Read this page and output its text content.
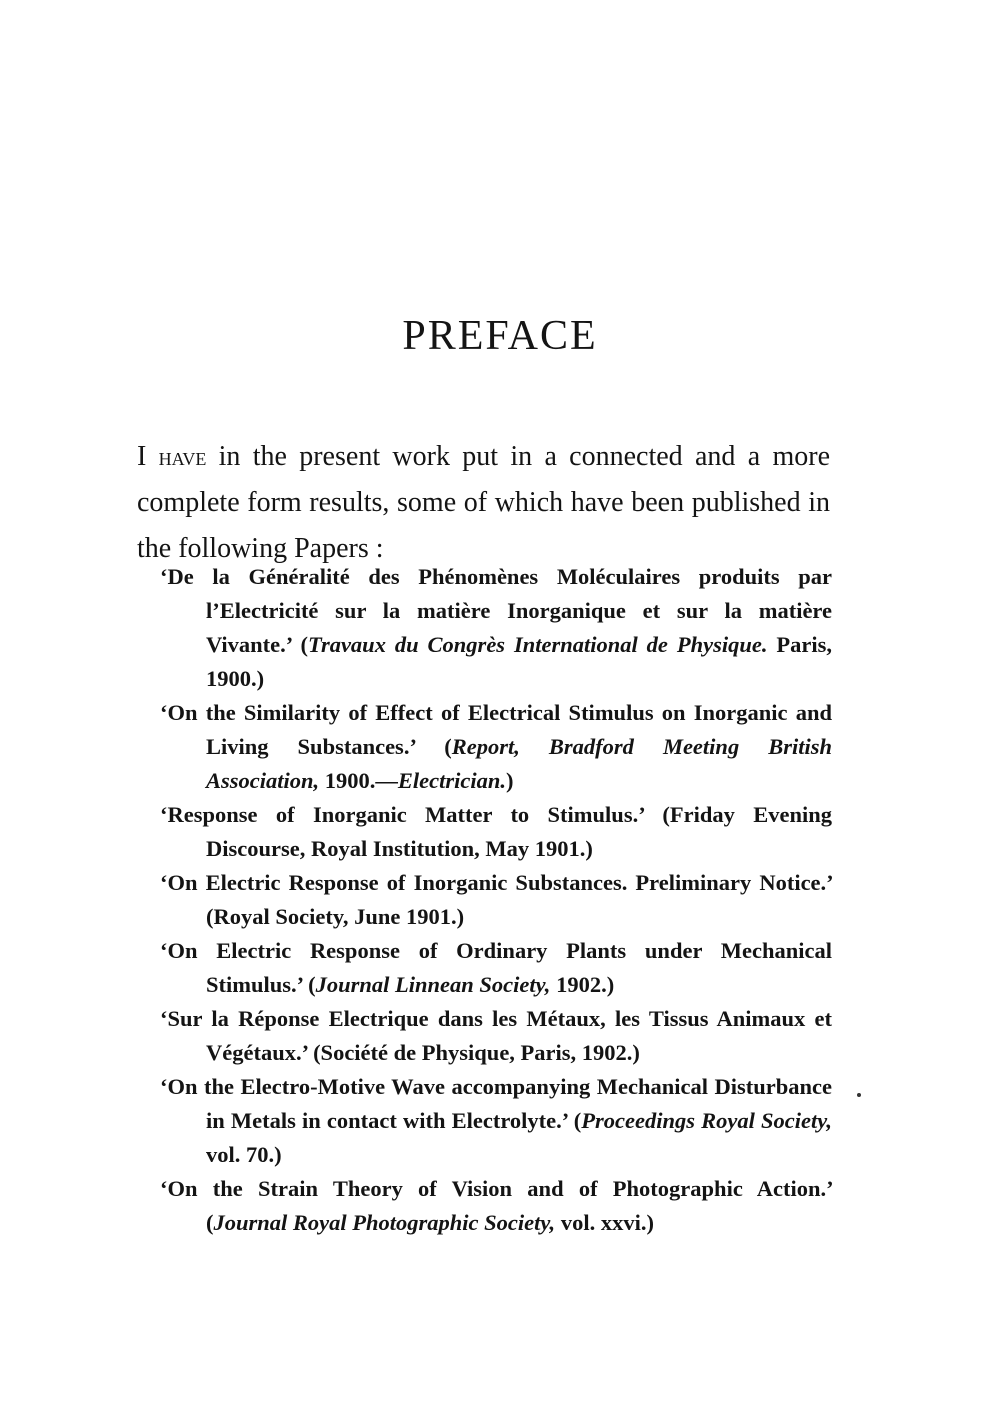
PREFACE

I have in the present work put in a connected and a more complete form results, some of which have been published in the following Papers :

‘De la Généralité des Phénomènes Moléculaires produits par l’Electricité sur la matière Inorganique et sur la matière Vivante.’ (Travaux du Congrès International de Physique. Paris, 1900.)

‘On the Similarity of Effect of Electrical Stimulus on Inorganic and Living Substances.’ (Report, Bradford Meeting British Association, 1900.—Electrician.)

‘Response of Inorganic Matter to Stimulus.’ (Friday Evening Discourse, Royal Institution, May 1901.)

‘On Electric Response of Inorganic Substances. Preliminary Notice.’ (Royal Society, June 1901.)

‘On Electric Response of Ordinary Plants under Mechanical Stimulus.’ (Journal Linnean Society, 1902.)

‘Sur la Réponse Electrique dans les Métaux, les Tissus Animaux et Végétaux.’ (Société de Physique, Paris, 1902.)

‘On the Electro-Motive Wave accompanying Mechanical Disturbance in Metals in contact with Electrolyte.’ (Proceedings Royal Society, vol. 70.)

‘On the Strain Theory of Vision and of Photographic Action.’ (Journal Royal Photographic Society, vol. xxvi.)
